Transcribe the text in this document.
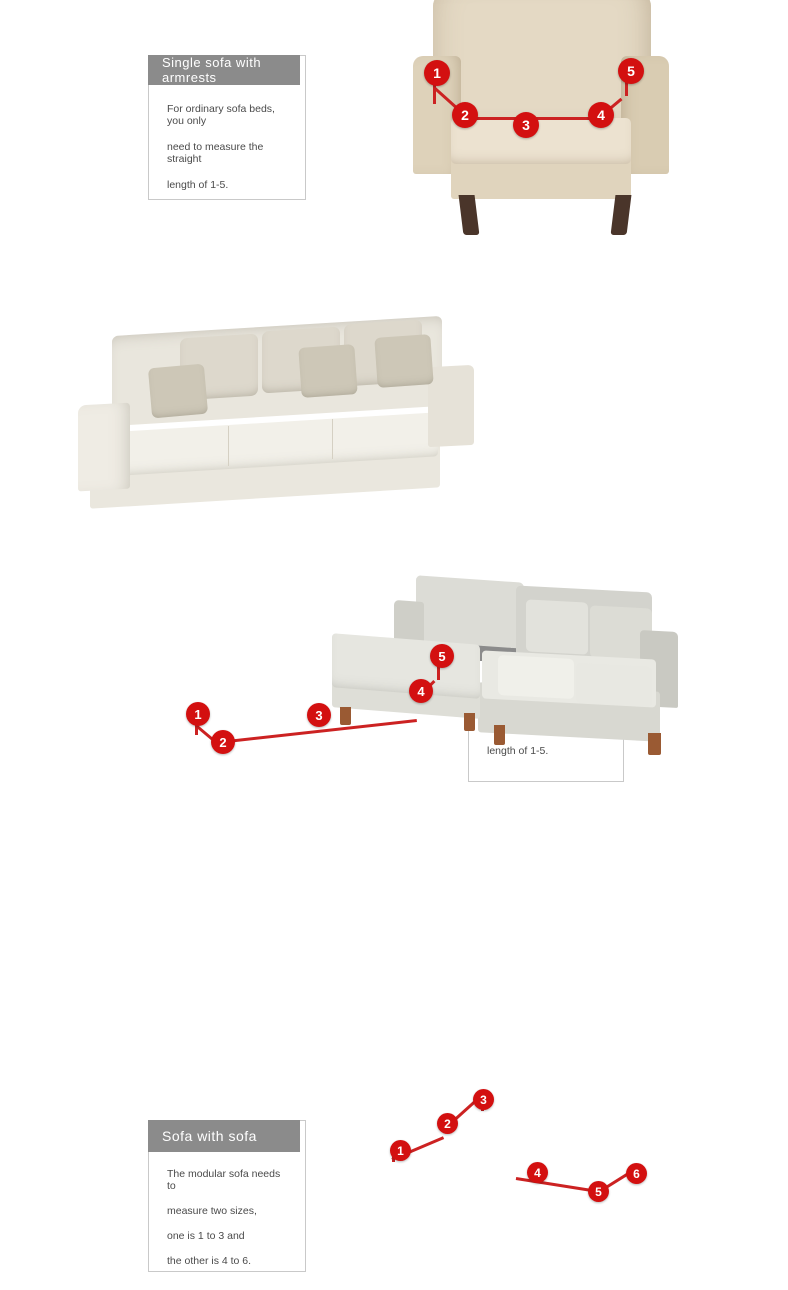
Single sofa with armrests

For ordinary sofa beds, you only

need to measure the straight

length of 1-5.

1
2
3
4
5

length of 1-5.

1
2
3
4
5
Sofa with sofa

The modular sofa needs to

measure two sizes,

one is 1 to 3 and

the other is 4 to 6.

1
2
3
4
5
6
